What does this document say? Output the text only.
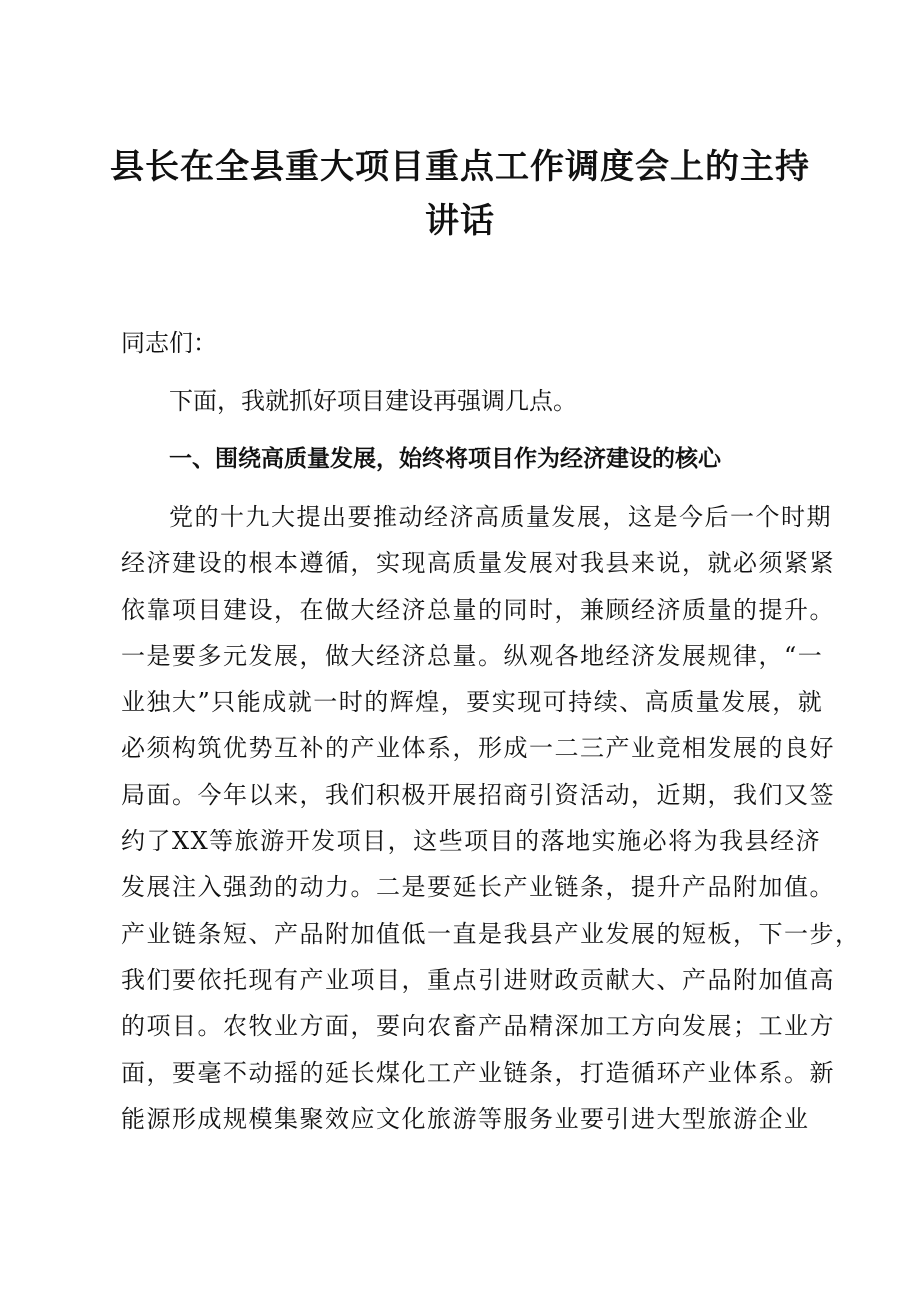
县长在全县重大项目重点工作调度会上的主持
讲话
同志们：
下面，我就抓好项目建设再强调几点。
一、围绕高质量发展，始终将项目作为经济建设的核心
党的十九大提出要推动经济高质量发展，这是今后一个时期
经济建设的根本遵循，实现高质量发展对我县来说，就必须紧紧
依靠项目建设，在做大经济总量的同时，兼顾经济质量的提升。
一是要多元发展，做大经济总量。纵观各地经济发展规律，“一
业独大”只能成就一时的辉煌，要实现可持续、高质量发展，就
必须构筑优势互补的产业体系，形成一二三产业竞相发展的良好
局面。今年以来，我们积极开展招商引资活动，近期，我们又签
约了XX等旅游开发项目，这些项目的落地实施必将为我县经济
发展注入强劲的动力。二是要延长产业链条，提升产品附加值。
产业链条短、产品附加值低一直是我县产业发展的短板，下一步，
我们要依托现有产业项目，重点引进财政贡献大、产品附加值高
的项目。农牧业方面，要向农畜产品精深加工方向发展；工业方
面，要毫不动摇的延长煤化工产业链条，打造循环产业体系。新
能源形成规模集聚效应文化旅游等服务业要引进大型旅游企业
